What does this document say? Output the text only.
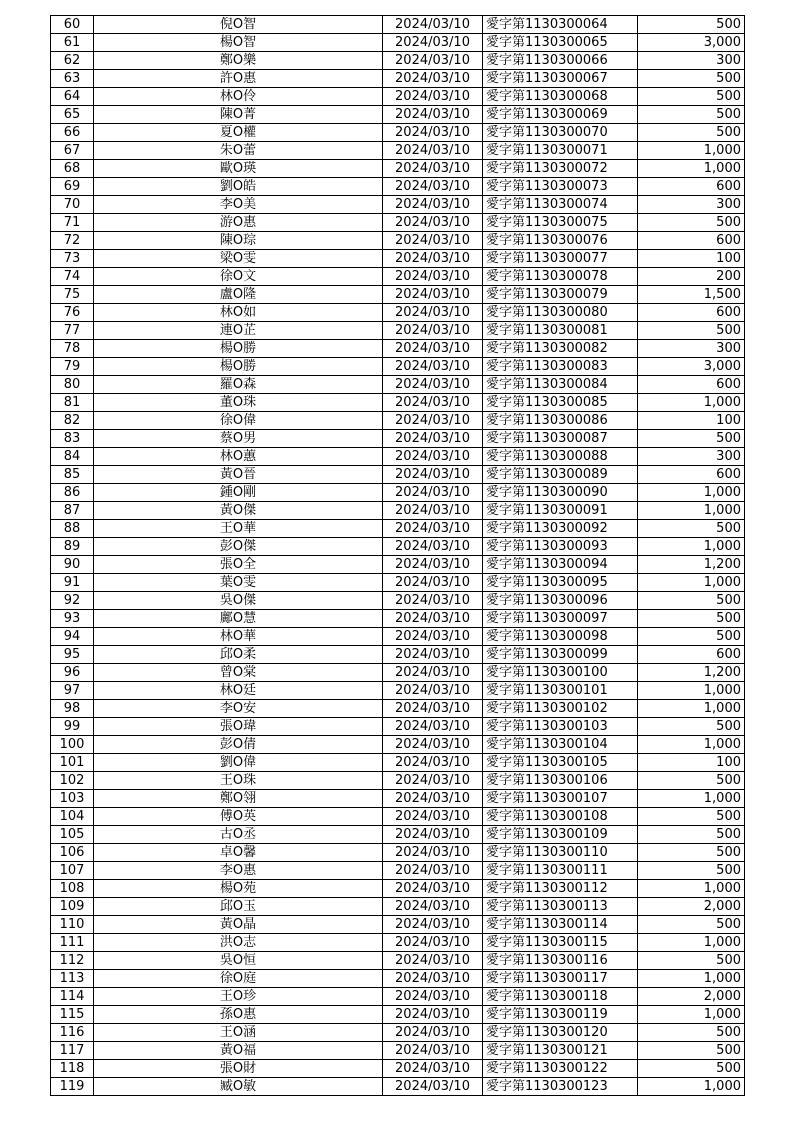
60	倪O智	2024/03/10	愛字第1130300064	500
61	楊O智	2024/03/10	愛字第1130300065	3,000
62	鄭O樂	2024/03/10	愛字第1130300066	300
63	許O惠	2024/03/10	愛字第1130300067	500
64	林O伶	2024/03/10	愛字第1130300068	500
65	陳O菁	2024/03/10	愛字第1130300069	500
66	夏O權	2024/03/10	愛字第1130300070	500
67	朱O蕾	2024/03/10	愛字第1130300071	1,000
68	歐O瑛	2024/03/10	愛字第1130300072	1,000
69	劉O皓	2024/03/10	愛字第1130300073	600
70	李O美	2024/03/10	愛字第1130300074	300
71	游O惠	2024/03/10	愛字第1130300075	500
72	陳O琮	2024/03/10	愛字第1130300076	600
73	梁O雯	2024/03/10	愛字第1130300077	100
74	徐O文	2024/03/10	愛字第1130300078	200
75	盧O隆	2024/03/10	愛字第1130300079	1,500
76	林O如	2024/03/10	愛字第1130300080	600
77	連O芷	2024/03/10	愛字第1130300081	500
78	楊O勝	2024/03/10	愛字第1130300082	300
79	楊O勝	2024/03/10	愛字第1130300083	3,000
80	羅O森	2024/03/10	愛字第1130300084	600
81	董O珠	2024/03/10	愛字第1130300085	1,000
82	徐O偉	2024/03/10	愛字第1130300086	100
83	蔡O男	2024/03/10	愛字第1130300087	500
84	林O蕙	2024/03/10	愛字第1130300088	300
85	黃O晉	2024/03/10	愛字第1130300089	600
86	鍾O剛	2024/03/10	愛字第1130300090	1,000
87	黃O傑	2024/03/10	愛字第1130300091	1,000
88	王O華	2024/03/10	愛字第1130300092	500
89	彭O傑	2024/03/10	愛字第1130300093	1,000
90	張O全	2024/03/10	愛字第1130300094	1,200
91	葉O雯	2024/03/10	愛字第1130300095	1,000
92	吳O傑	2024/03/10	愛字第1130300096	500
93	鄺O慧	2024/03/10	愛字第1130300097	500
94	林O華	2024/03/10	愛字第1130300098	500
95	邱O柔	2024/03/10	愛字第1130300099	600
96	曾O棠	2024/03/10	愛字第1130300100	1,200
97	林O廷	2024/03/10	愛字第1130300101	1,000
98	李O安	2024/03/10	愛字第1130300102	1,000
99	張O瑋	2024/03/10	愛字第1130300103	500
100	彭O倩	2024/03/10	愛字第1130300104	1,000
101	劉O偉	2024/03/10	愛字第1130300105	100
102	王O珠	2024/03/10	愛字第1130300106	500
103	鄭O翎	2024/03/10	愛字第1130300107	1,000
104	傅O英	2024/03/10	愛字第1130300108	500
105	古O丞	2024/03/10	愛字第1130300109	500
106	卓O馨	2024/03/10	愛字第1130300110	500
107	李O惠	2024/03/10	愛字第1130300111	500
108	楊O苑	2024/03/10	愛字第1130300112	1,000
109	邱O玉	2024/03/10	愛字第1130300113	2,000
110	黃O晶	2024/03/10	愛字第1130300114	500
111	洪O志	2024/03/10	愛字第1130300115	1,000
112	吳O恒	2024/03/10	愛字第1130300116	500
113	徐O庭	2024/03/10	愛字第1130300117	1,000
114	王O珍	2024/03/10	愛字第1130300118	2,000
115	孫O惠	2024/03/10	愛字第1130300119	1,000
116	王O涵	2024/03/10	愛字第1130300120	500
117	黃O福	2024/03/10	愛字第1130300121	500
118	張O財	2024/03/10	愛字第1130300122	500
119	臧O敏	2024/03/10	愛字第1130300123	1,000
